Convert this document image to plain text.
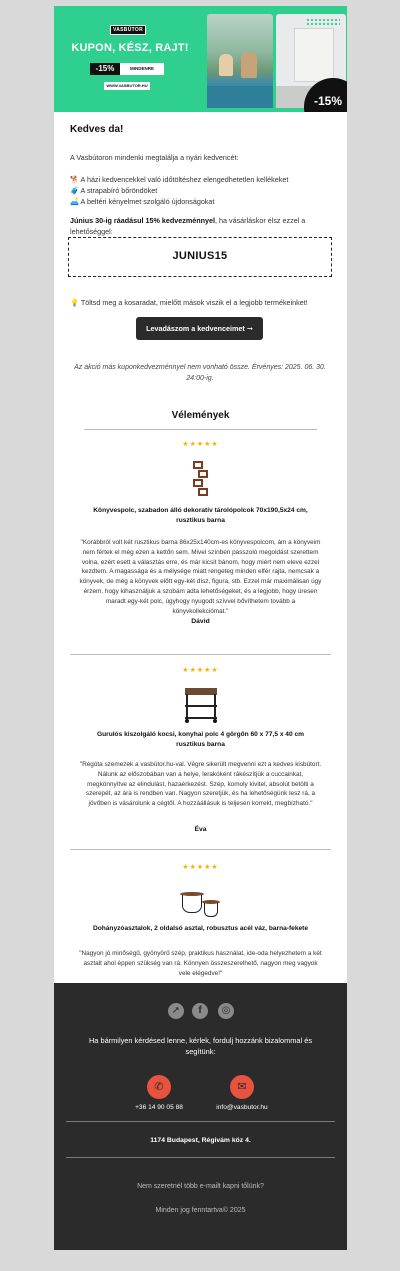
VASBÚTOR
KUPON, KÉSZ, RAJT!
-15%	MINDENRE
WWW.VASBUTOR.HU
-15%
Kedves da!
A Vasbútoron mindenki megtalálja a nyári kedvencét:
🐕 A házi kedvencekkel való időtöltéshez elengedhetetlen kellékeket
🧳 A strapabíró bőröndöket
🛋️ A beltéri kényelmet szolgáló újdonságokat
Június 30-ig ráadásul 15% kedvezménnyel, ha vásárláskor élsz ezzel a lehetőséggel:
JUNIUS15
💡 Töltsd meg a kosaradat, mielőtt mások viszik el a legjobb termékeinket!
Levadászom a kedvenceimet ➞
Az akció más kuponkedvezménnyel nem vonható össze. Érvényes: 2025. 06. 30. 24:00-ig.
Vélemények
★★★★★
Könyvespolc, szabadon álló dekoratív tárolópolcok 70x190,5x24 cm, rusztikus barna
"Korábbról volt két rusztikus barna 86x25x140cm-es könyvespolcom, ám a könyveim nem fértek el még ezen a kettőn sem. Mivel színben passzoló megoldást szerettem volna, ezért esett a választás erre, és már kicsit bánom, hogy miért nem eleve ezzel kezdtem. A magassága és a mélysége miatt rengeteg minden elfér rajta, nemcsak a könyvek, de még a könyvek előtt egy-két dísz, figura, stb. Ezzel már maximálisan úgy érzem, hogy kihasználjuk a szobám adta lehetőségeket, és a legjobb, hogy üresen maradt egy-két polc, úgyhogy nyugodt szívvel bővíthetem tovább a könyvkollekciómat."
Dávid
★★★★★
Gurulós kiszolgáló kocsi, konyhai polc 4 görgőn 60 x 77,5 x 40 cm rusztikus barna
"Régóta szemezek a vasbútor.hu-val. Végre sikerült megvenni ezt a kedves kisbútort. Nálunk az előszobában van a helye, lerakóként rákészítjük a cuccainkat, megkönnyítve az elindulást, hazaérkezést. Szép, komoly kivitel, absolút betölti a szerepét, az ára is rendben van. Nagyon szeretjük, és ha lehetőségünk lesz rá, a jövőben is vásárolunk a cégtől. A hozzáállásuk is teljesen korrekt, megbízható."
Éva
★★★★★
Dohányzóasztalok, 2 oldalsó asztal, robusztus acél váz, barna-fekete
"Nagyon jó minőségű, gyönyörű szép, praktikus használat, ide-oda helyezhetem a két asztalt ahol éppen szükség van rá. Könnyen összeszerelhető, nagyon meg vagyok vele elégedve!"
➚	f	◎
Ha bármilyen kérdésed lenne, kérlek, fordulj hozzánk bizalommal és segítünk:
✆	✉
+36 14 90 05 88	info@vasbutor.hu
1174 Budapest, Régivám köz 4.
Nem szeretnél több e-mailt kapni tőlünk?
Minden jog fenntartva© 2025
